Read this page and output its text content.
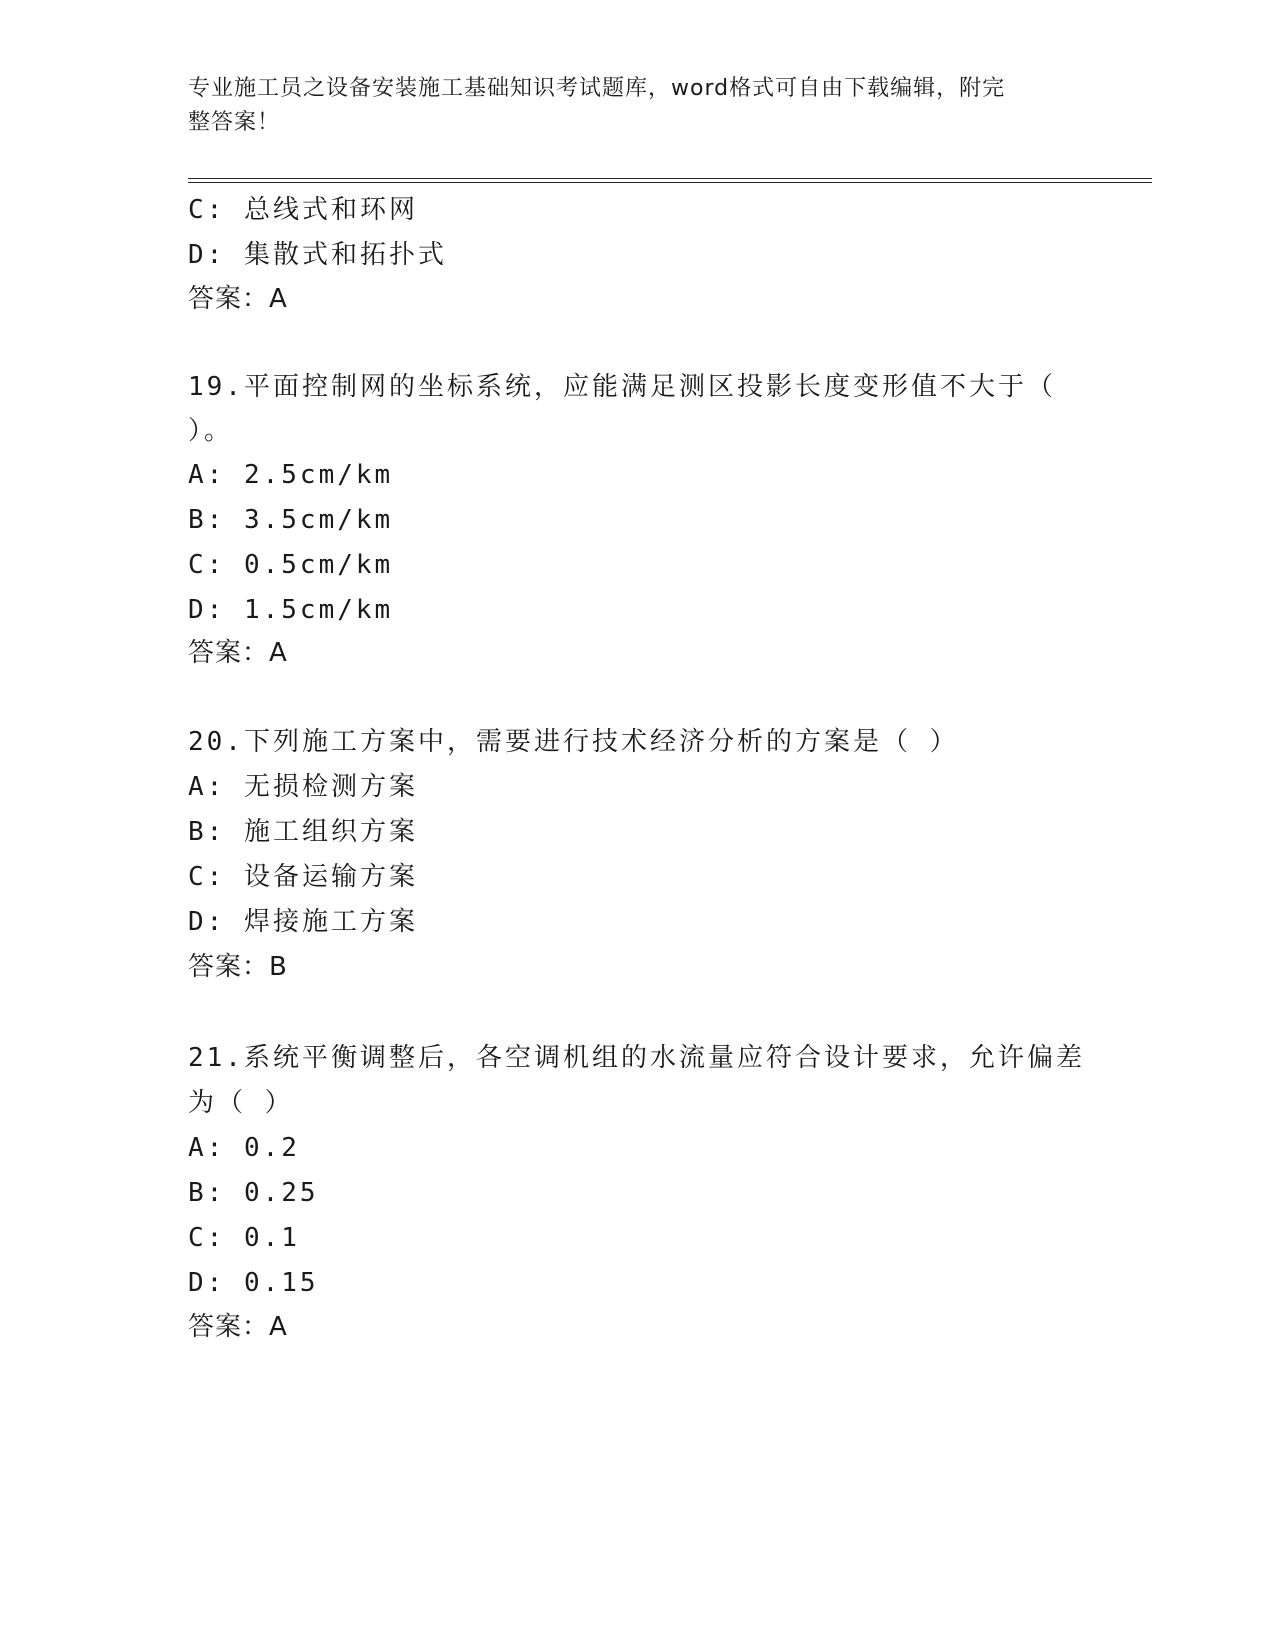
专业施工员之设备安装施工基础知识考试题库，word格式可自由下载编辑，附完
整答案！
C: 总线式和环网
D: 集散式和拓扑式
答案：A
19.平面控制网的坐标系统，应能满足测区投影长度变形值不大于（
）。
A: 2.5cm/km
B: 3.5cm/km
C: 0.5cm/km
D: 1.5cm/km
答案：A
20.下列施工方案中，需要进行技术经济分析的方案是（ ）
A: 无损检测方案
B: 施工组织方案
C: 设备运输方案
D: 焊接施工方案
答案：B
21.系统平衡调整后，各空调机组的水流量应符合设计要求，允许偏差
为（ ）
A: 0.2
B: 0.25
C: 0.1
D: 0.15
答案：A
